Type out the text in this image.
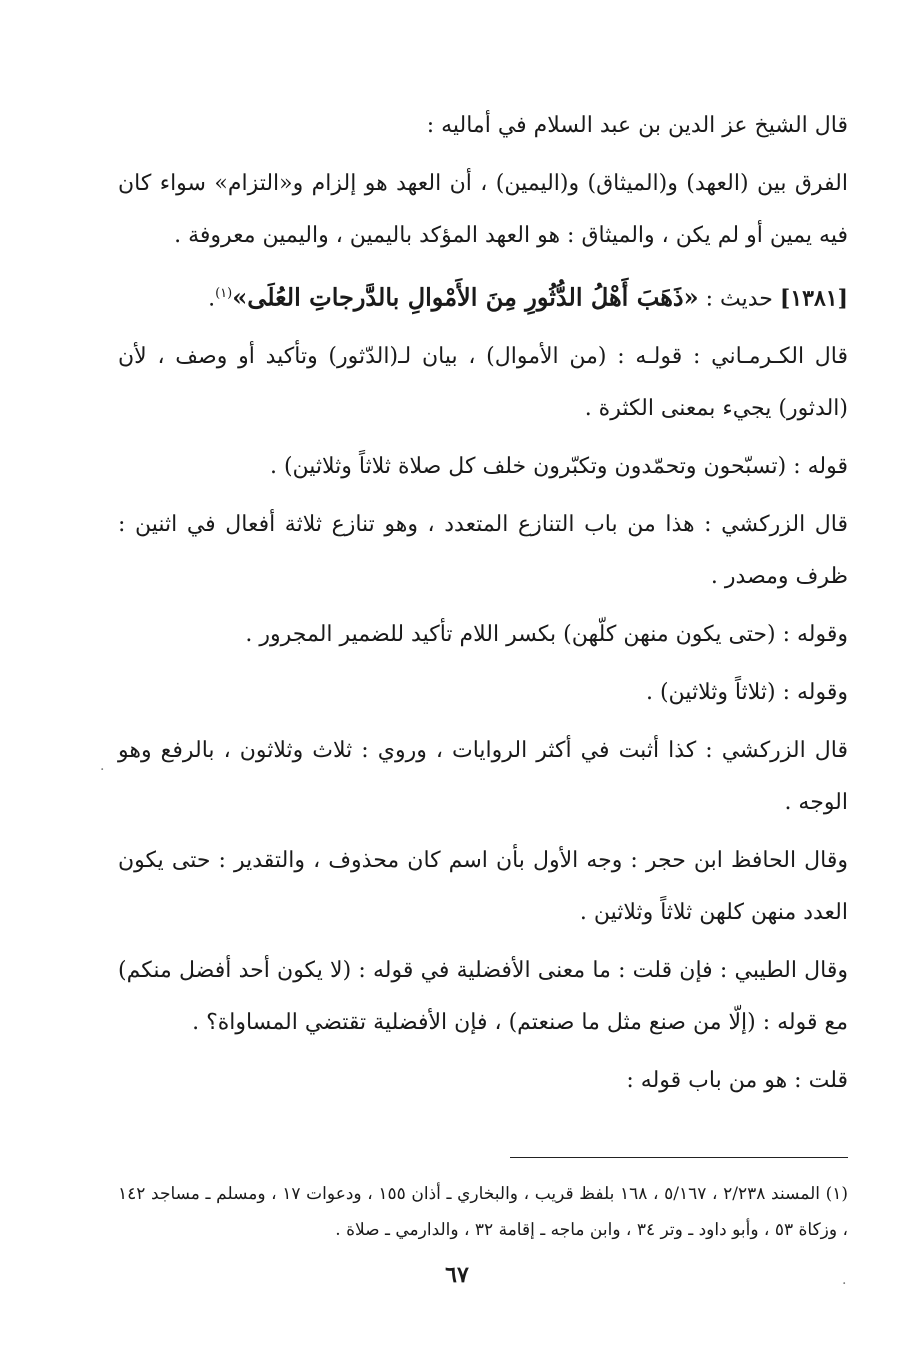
قال الشيخ عز الدين بن عبد السلام في أماليه :

الفرق بين (العهد) و(الميثاق) و(اليمين) ، أن العهد هو إلزام و«التزام» سواء كان فيه يمين أو لم يكن ، والميثاق : هو العهد المؤكد باليمين ، واليمين معروفة .

[١٣٨١] حديث : «ذَهَبَ أَهْلُ الدُّثُورِ مِنَ الأَمْوالِ بالدَّرجاتِ العُلَى»$^{(١)}$.

قال الكـرمـاني : قولـه : (من الأموال) ، بيان لـ(الدّثور) وتأكيد أو وصف ، لأن (الدثور) يجيء بمعنى الكثرة .

قوله : (تسبّحون وتحمّدون وتكبّرون خلف كل صلاة ثلاثاً وثلاثين) .

قال الزركشي : هذا من باب التنازع المتعدد ، وهو تنازع ثلاثة أفعال في اثنين : ظرف ومصدر .

وقوله : (حتى يكون منهن كلّهن) بكسر اللام تأكيد للضمير المجرور .

وقوله : (ثلاثاً وثلاثين) .

قال الزركشي : كذا أثبت في أكثر الروايات ، وروي : ثلاث وثلاثون ، بالرفع وهو الوجه .

وقال الحافظ ابن حجر : وجه الأول بأن اسم كان محذوف ، والتقدير : حتى يكون العدد منهن كلهن ثلاثاً وثلاثين .

وقال الطيبي : فإن قلت : ما معنى الأفضلية في قوله : (لا يكون أحد أفضل منكم) مع قوله : (إلّا من صنع مثل ما صنعتم) ، فإن الأفضلية تقتضي المساواة؟ .

قلت : هو من باب قوله :

(١) المسند ٢/٢٣٨ ، ٥/١٦٧ ، ١٦٨ بلفظ قريب ، والبخاري ـ أذان ١٥٥ ، ودعوات ١٧ ، ومسلم ـ مساجد ١٤٢ ، وزكاة ٥٣ ، وأبو داود ـ وتر ٣٤ ، وابن ماجه ـ إقامة ٣٢ ، والدارمي ـ صلاة .

٦٧
·
·
